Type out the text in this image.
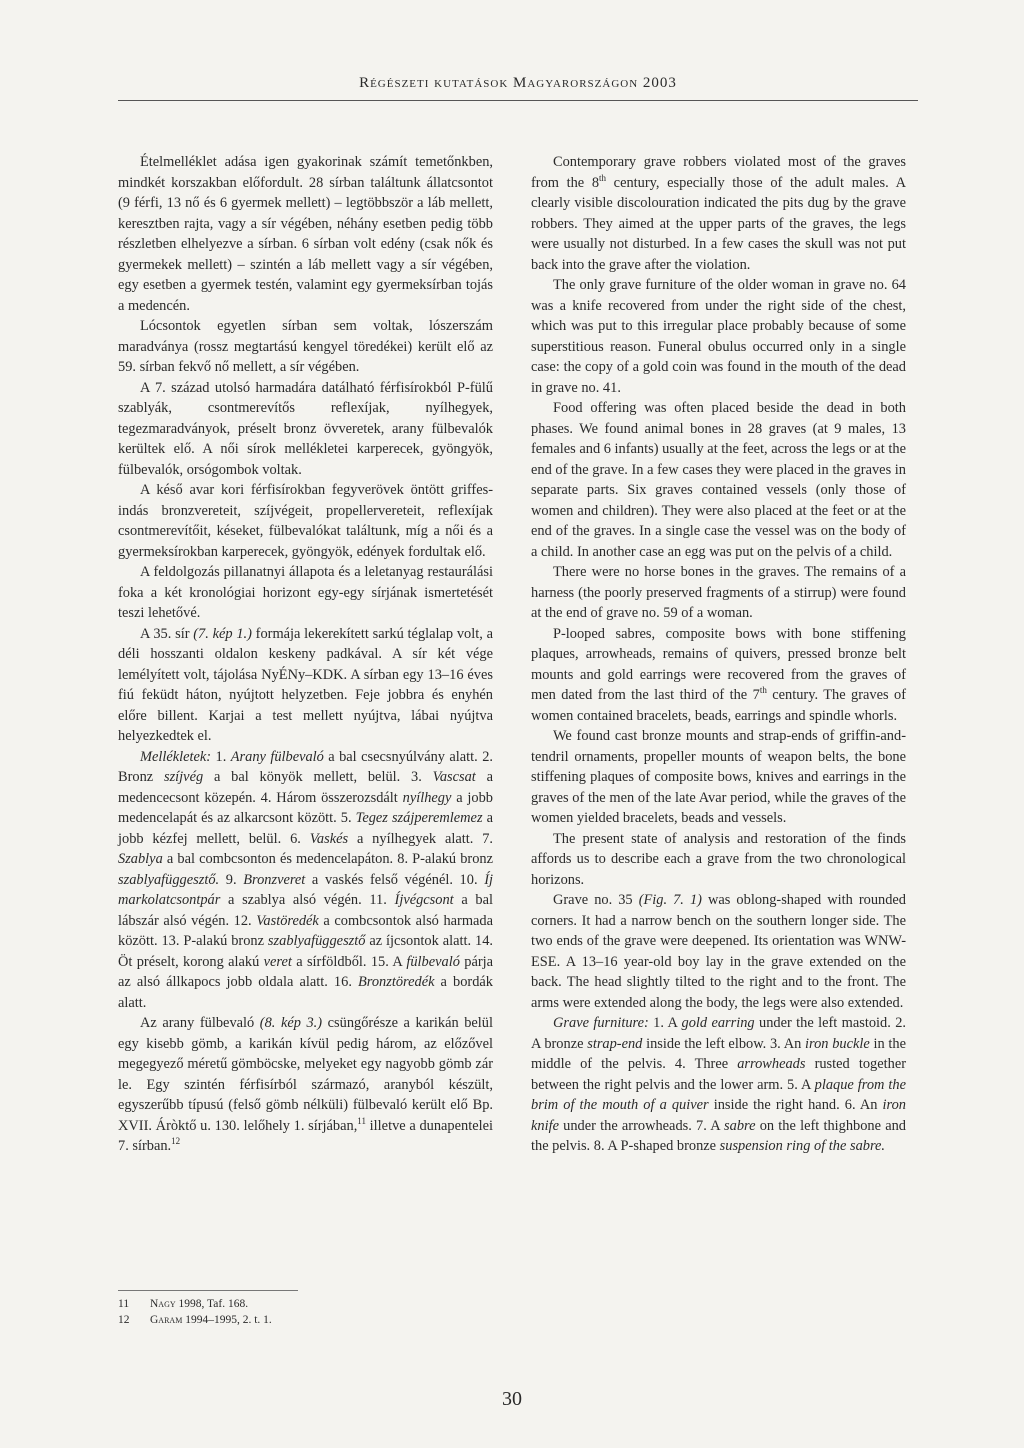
Régészeti kutatások Magyarországon 2003

Ételmelléklet adása igen gyakorinak számít temetőnkben, mindkét korszakban előfordult. 28 sírban találtunk állatcsontot (9 férfi, 13 nő és 6 gyermek mellett) – legtöbbször a láb mellett, keresztben rajta, vagy a sír végében, néhány esetben pedig több részletben elhelyezve a sírban. 6 sírban volt edény (csak nők és gyermekek mellett) – szintén a láb mellett vagy a sír végében, egy esetben a gyermek testén, valamint egy gyermeksírban tojás a medencén.

Lócsontok egyetlen sírban sem voltak, lószerszám maradványa (rossz megtartású kengyel töredékei) került elő az 59. sírban fekvő nő mellett, a sír végében.

A 7. század utolsó harmadára datálható férfisírokból P-fülű szablyák, csontmerevítős reflexíjak, nyílhegyek, tegezmaradványok, préselt bronz övveretek, arany fülbevalók kerültek elő. A női sírok mellékletei karperecek, gyöngyök, fülbevalók, orsógombok voltak.

A késő avar kori férfisírokban fegyverövek öntött griffes-indás bronzvereteit, szíjvégeit, propellervereteit, reflexíjak csontmerevítőit, késeket, fülbevalókat találtunk, míg a női és a gyermeksírokban karperecek, gyöngyök, edények fordultak elő.

A feldolgozás pillanatnyi állapota és a leletanyag restaurálási foka a két kronológiai horizont egy-egy sírjának ismertetését teszi lehetővé.

A 35. sír (7. kép 1.) formája lekerekített sarkú téglalap volt, a déli hosszanti oldalon keskeny padkával. A sír két vége lemélyített volt, tájolása NyÉNy–KDK. A sírban egy 13–16 éves fiú feküdt háton, nyújtott helyzetben. Feje jobbra és enyhén előre billent. Karjai a test mellett nyújtva, lábai nyújtva helyezkedtek el.

Mellékletek: 1. Arany fülbevaló a bal csecsnyúlvány alatt. 2. Bronz szíjvég a bal könyök mellett, belül. 3. Vascsat a medencecsont közepén. 4. Három összerozsdált nyílhegy a jobb medencelapát és az alkarcsont között. 5. Tegez szájperemlemez a jobb kézfej mellett, belül. 6. Vaskés a nyílhegyek alatt. 7. Szablya a bal combcsonton és medencelapáton. 8. P-alakú bronz szablyafüggesztő. 9. Bronzveret a vaskés felső végénél. 10. Íj markolatcsontpár a szablya alsó végén. 11. Íjvégcsont a bal lábszár alsó végén. 12. Vastöredék a combcsontok alsó harmada között. 13. P-alakú bronz szablyafüggesztő az íjcsontok alatt. 14. Öt préselt, korong alakú veret a sírföldből. 15. A fülbevaló párja az alsó állkapocs jobb oldala alatt. 16. Bronztöredék a bordák alatt.

Az arany fülbevaló (8. kép 3.) csüngőrésze a karikán belül egy kisebb gömb, a karikán kívül pedig három, az előzővel megegyező méretű gömböcske, melyeket egy nagyobb gömb zár le. Egy szintén férfisírból származó, aranyból készült, egyszerűbb típusú (felső gömb nélküli) fülbevaló került elő Bp. XVII. Áròktő u. 130. lelőhely 1. sírjában,$^{11}$ illetve a dunapentelei 7. sírban.$^{12}$

Contemporary grave robbers violated most of the graves from the 8th century, especially those of the adult males. A clearly visible discolouration indicated the pits dug by the grave robbers. They aimed at the upper parts of the graves, the legs were usually not disturbed. In a few cases the skull was not put back into the grave after the violation.

The only grave furniture of the older woman in grave no. 64 was a knife recovered from under the right side of the chest, which was put to this irregular place probably because of some superstitious reason. Funeral obulus occurred only in a single case: the copy of a gold coin was found in the mouth of the dead in grave no. 41.

Food offering was often placed beside the dead in both phases. We found animal bones in 28 graves (at 9 males, 13 females and 6 infants) usually at the feet, across the legs or at the end of the grave. In a few cases they were placed in the graves in separate parts. Six graves contained vessels (only those of women and children). They were also placed at the feet or at the end of the graves. In a single case the vessel was on the body of a child. In another case an egg was put on the pelvis of a child.

There were no horse bones in the graves. The remains of a harness (the poorly preserved fragments of a stirrup) were found at the end of grave no. 59 of a woman.

P-looped sabres, composite bows with bone stiffening plaques, arrowheads, remains of quivers, pressed bronze belt mounts and gold earrings were recovered from the graves of men dated from the last third of the 7th century. The graves of women contained bracelets, beads, earrings and spindle whorls.

We found cast bronze mounts and strap-ends of griffin-and-tendril ornaments, propeller mounts of weapon belts, the bone stiffening plaques of composite bows, knives and earrings in the graves of the men of the late Avar period, while the graves of the women yielded bracelets, beads and vessels.

The present state of analysis and restoration of the finds affords us to describe each a grave from the two chronological horizons.

Grave no. 35 (Fig. 7. 1) was oblong-shaped with rounded corners. It had a narrow bench on the southern longer side. The two ends of the grave were deepened. Its orientation was WNW-ESE. A 13–16 year-old boy lay in the grave extended on the back. The head slightly tilted to the right and to the front. The arms were extended along the body, the legs were also extended.

Grave furniture: 1. A gold earring under the left mastoid. 2. A bronze strap-end inside the left elbow. 3. An iron buckle in the middle of the pelvis. 4. Three arrowheads rusted together between the right pelvis and the lower arm. 5. A plaque from the brim of the mouth of a quiver inside the right hand. 6. An iron knife under the arrowheads. 7. A sabre on the left thighbone and the pelvis. 8. A P-shaped bronze suspension ring of the sabre.

11	Nagy 1998, Taf. 168.
12	Garam 1994–1995, 2. t. 1.
30
